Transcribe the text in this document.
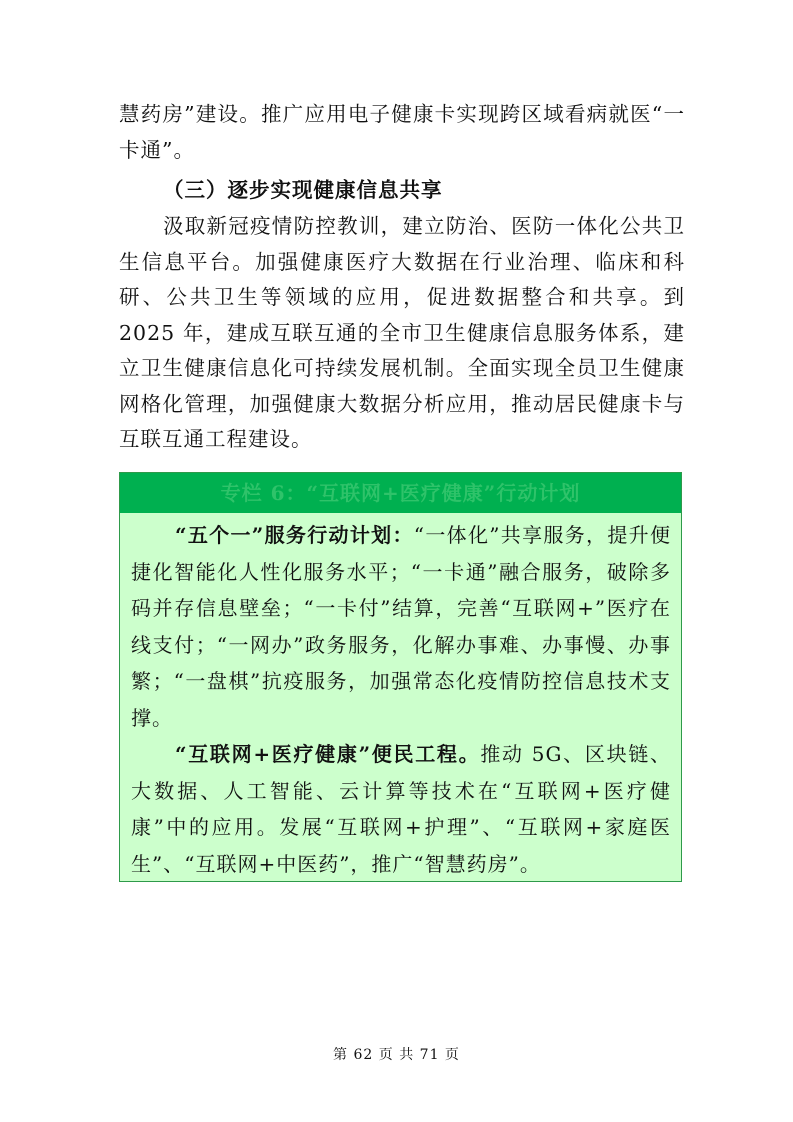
慧药房”建设。推广应用电子健康卡实现跨区域看病就医“一卡通”。

（三）逐步实现健康信息共享

汲取新冠疫情防控教训，建立防治、医防一体化公共卫生信息平台。加强健康医疗大数据在行业治理、临床和科研、公共卫生等领域的应用，促进数据整合和共享。到2025 年，建成互联互通的全市卫生健康信息服务体系，建立卫生健康信息化可持续发展机制。全面实现全员卫生健康网格化管理，加强健康大数据分析应用，推动居民健康卡与互联互通工程建设。

专栏 6：“互联网+医疗健康”行动计划

“五个一”服务行动计划：“一体化”共享服务，提升便捷化智能化人性化服务水平；“一卡通”融合服务，破除多码并存信息壁垒；“一卡付”结算，完善“互联网+”医疗在线支付；“一网办”政务服务，化解办事难、办事慢、办事繁；“一盘棋”抗疫服务，加强常态化疫情防控信息技术支撑。

“互联网+医疗健康”便民工程。推动 5G、区块链、大数据、人工智能、云计算等技术在“互联网+医疗健康”中的应用。发展“互联网+护理”、“互联网+家庭医生”、“互联网+中医药”，推广“智慧药房”。

第 62 页 共 71 页
